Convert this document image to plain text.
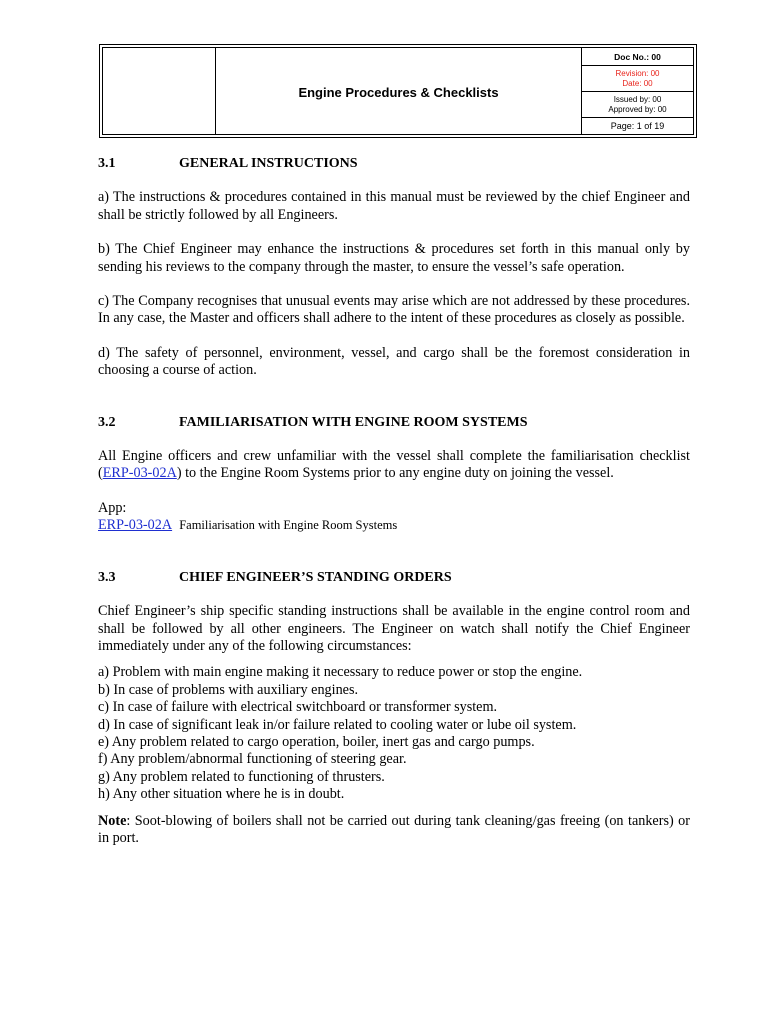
Engine Procedures & Checklists
Doc No.: 00
Revision: 00
Date: 00
Issued by: 00
Approved by: 00
Page: 1 of 19
3.1	GENERAL INSTRUCTIONS

a) The instructions & procedures contained in this manual must be reviewed by the chief Engineer and shall be strictly followed by all Engineers.

b) The Chief Engineer may enhance the instructions & procedures set forth in this manual only by sending his reviews to the company through the master, to ensure the vessel’s safe operation.

c) The Company recognises that unusual events may arise which are not addressed by these procedures. In any case, the Master and officers shall adhere to the intent of these procedures as closely as possible.

d) The safety of personnel, environment, vessel, and cargo shall be the foremost consideration in choosing a course of action.

3.2	FAMILIARISATION WITH ENGINE ROOM SYSTEMS

All Engine officers and crew unfamiliar with the vessel shall complete the familiarisation checklist (ERP-03-02A) to the Engine Room Systems prior to any engine duty on joining the vessel.

App:

ERP-03-02A Familiarisation with Engine Room Systems

3.3	CHIEF ENGINEER’S STANDING ORDERS

Chief Engineer’s ship specific standing instructions shall be available in the engine control room and shall be followed by all other engineers. The Engineer on watch shall notify the Chief Engineer immediately under any of the following circumstances:

a) Problem with main engine making it necessary to reduce power or stop the engine.
b) In case of problems with auxiliary engines.
c) In case of failure with electrical switchboard or transformer system.
d) In case of significant leak in/or failure related to cooling water or lube oil system.
e) Any problem related to cargo operation, boiler, inert gas and cargo pumps.
f) Any problem/abnormal functioning of steering gear.
g) Any problem related to functioning of thrusters.
h) Any other situation where he is in doubt.

Note: Soot-blowing of boilers shall not be carried out during tank cleaning/gas freeing (on tankers) or in port.
